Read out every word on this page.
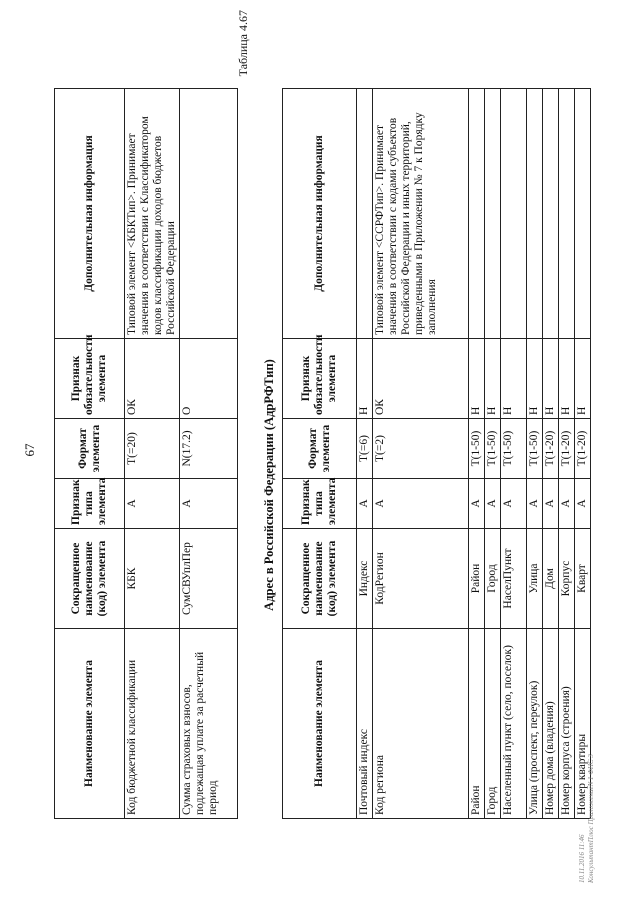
67
Наименование элемента	Сокращенное наименование (код) элемента	Признак типа элемента	Формат элемента	Признак обязательности элемента	Дополнительная информация
Код бюджетной классификации	КБК	А	T(=20)	ОК	Типовой элемент <КБКТип>. Принимает значения в соответствии с Классификатором кодов классификации доходов бюджетов Российской Федерации
Сумма страховых взносов, подлежащая уплате за расчетный период	СумСВУплПер	А	N(17.2)	О	
Таблица 4.67
Адрес в Российской Федерации (АдрРФТип)
Наименование элемента	Сокращенное наименование (код) элемента	Признак типа элемента	Формат элемента	Признак обязательности элемента	Дополнительная информация
Почтовый индекс	Индекс	А	T(=6)	Н	
Код региона	КодРегион	А	T(=2)	ОК	Типовой элемент <ССРФТип>. Принимает значения в соответствии с кодами субъектов Российской Федерации и иных территорий, приведенными в Приложении № 7 к Порядку заполнения
Район	Район	А	T(1-50)	Н	
Город	Город	А	T(1-50)	Н	
Населенный пункт (село, поселок)	НаселПункт	А	T(1-50)	Н	
Улица (проспект, переулок)	Улица	А	T(1-50)	Н	
Номер дома (владения)	Дом	А	T(1-20)	Н	
Номер корпуса (строения)	Корпус	А	T(1-20)	Н	
Номер квартиры	Кварт	А	T(1-20)	Н	
10.11.2016 11:46 КонсультантПлюс ПриложениеN 1 ФНС 3
